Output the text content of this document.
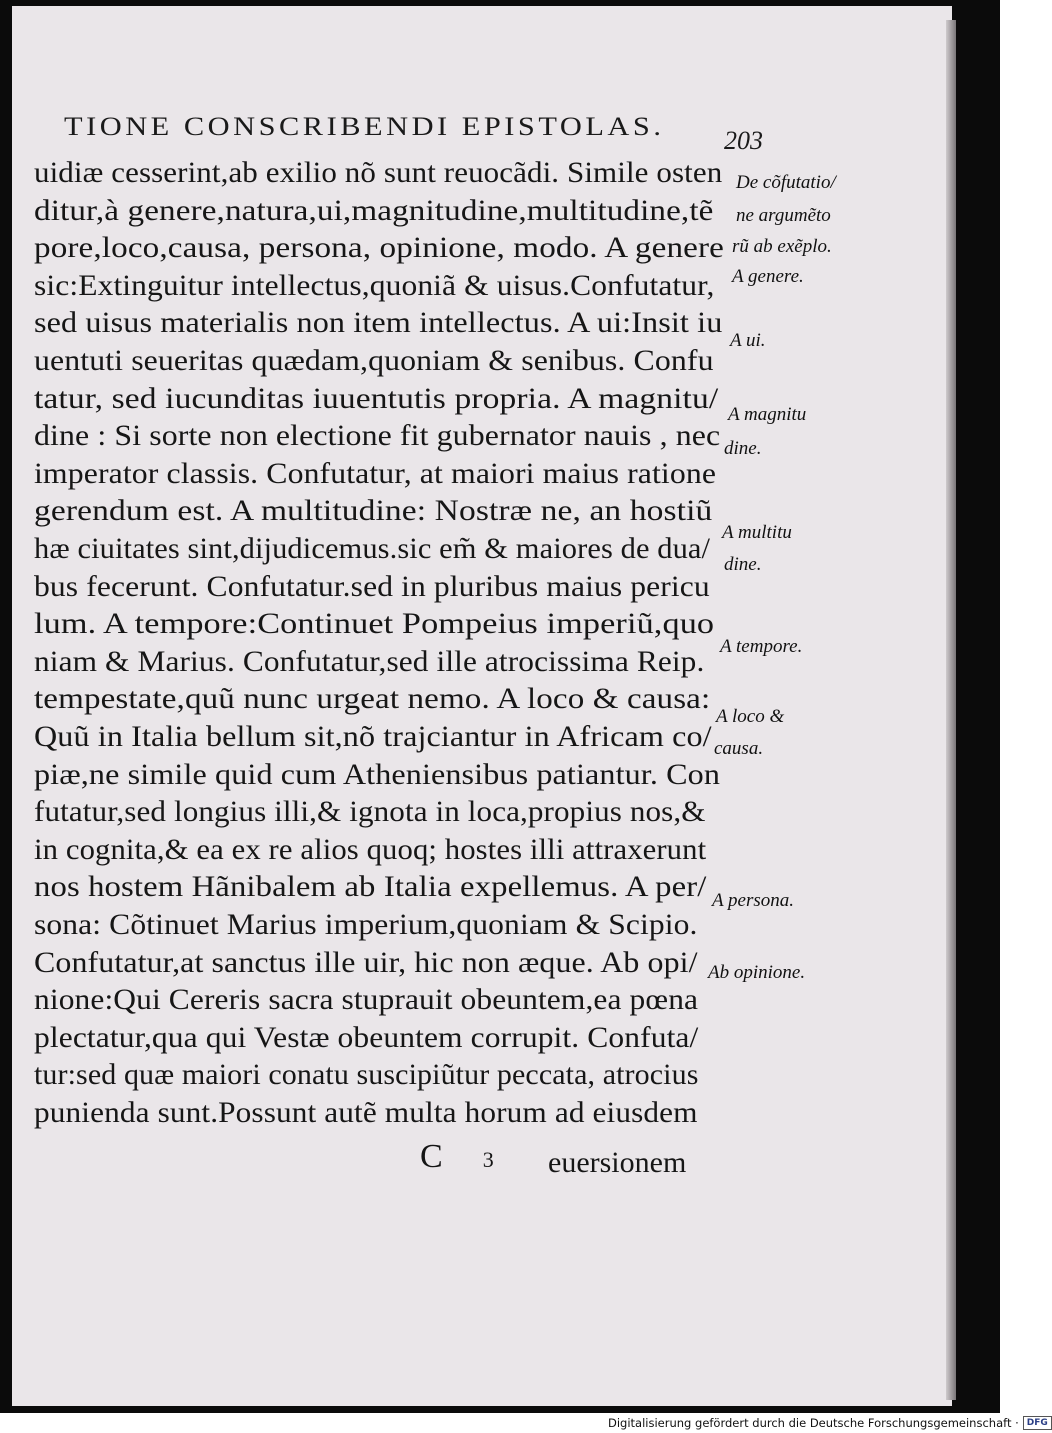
TIONE CONSCRIBENDI EPISTOLAS. 203
uidiæ cesserint,ab exilio nõ sunt reuocãdi. Simile osten
ditur,à genere,natura,ui,magnitudine,multitudine,tẽ
pore,loco,causa, persona, opinione, modo. A genere
sic:Extinguitur intellectus,quoniã & uisus.Confutatur,
sed uisus materialis non item intellectus. A ui:Insit iu
uentuti seueritas quædam,quoniam & senibus. Confu
tatur, sed iucunditas iuuentutis propria. A magnitu/
dine : Si sorte non electione fit gubernator nauis , nec
imperator classis. Confutatur, at maiori maius ratione
gerendum est. A multitudine: Nostræ ne, an hostiũ
hæ ciuitates sint,dijudicemus.sic em̃ & maiores de dua/
bus fecerunt. Confutatur.sed in pluribus maius pericu
lum. A tempore:Continuet Pompeius imperiũ,quo
niam & Marius. Confutatur,sed ille atrocissima Reip.
tempestate,quũ nunc urgeat nemo. A loco & causa:
Quũ in Italia bellum sit,nõ trajciantur in Africam co/
piæ,ne simile quid cum Atheniensibus patiantur. Con
futatur,sed longius illi,& ignota in loca,propius nos,&
in cognita,& ea ex re alios quoq; hostes illi attraxerunt
nos hostem Hãnibalem ab Italia expellemus. A per/
sona: Cõtinuet Marius imperium,quoniam & Scipio.
Confutatur,at sanctus ille uir, hic non æque. Ab opi/
nione:Qui Cereris sacra stuprauit obeuntem,ea pœna
plectatur,qua qui Vestæ obeuntem corrupit. Confuta/
tur:sed quæ maiori conatu suscipiũtur peccata, atrocius
punienda sunt.Possunt autẽ multa horum ad eiusdem
De cõfutatio/
ne argumẽto
rũ ab exẽplo.
A genere.
A ui.
A magnitu
dine.
A multitu
dine.
A tempore.
A loco &
causa.
A persona.
Ab opinione.
C 3 euersionem
Digitalisierung gefördert durch die Deutsche Forschungsgemeinschaft · DFG
